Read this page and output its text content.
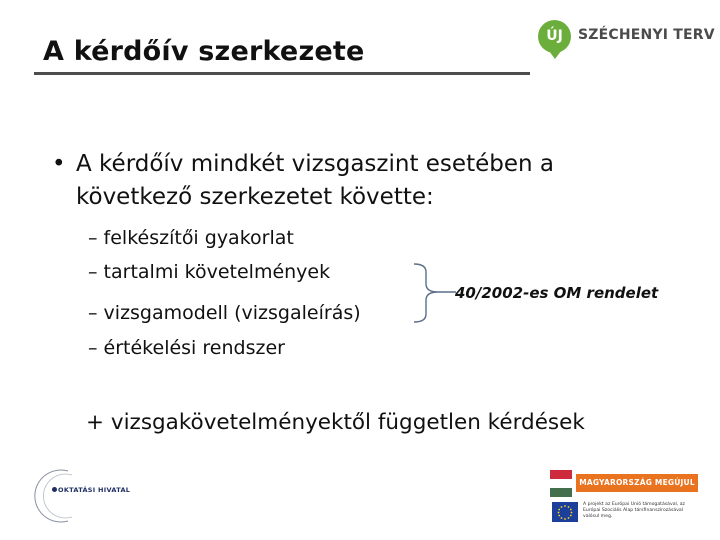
A kérdőív szerkezete	ÚJ	SZÉCHENYI TERV
• A kérdőív mindkét vizsgaszint esetében a következő szerkezetet követte:
– felkészítői gyakorlat
– tartalmi követelmények
– vizsgamodell (vizsgaleírás)
– értékelési rendszer
40/2002-es OM rendelet
+ vizsgakövetelményektől független kérdések
OKTATÁSI HIVATAL
MAGYARORSZÁG MEGÚJUL
A projekt az Európai Unió támogatásával, az Európai Szociális Alap társfinanszírozásával valósul meg.
